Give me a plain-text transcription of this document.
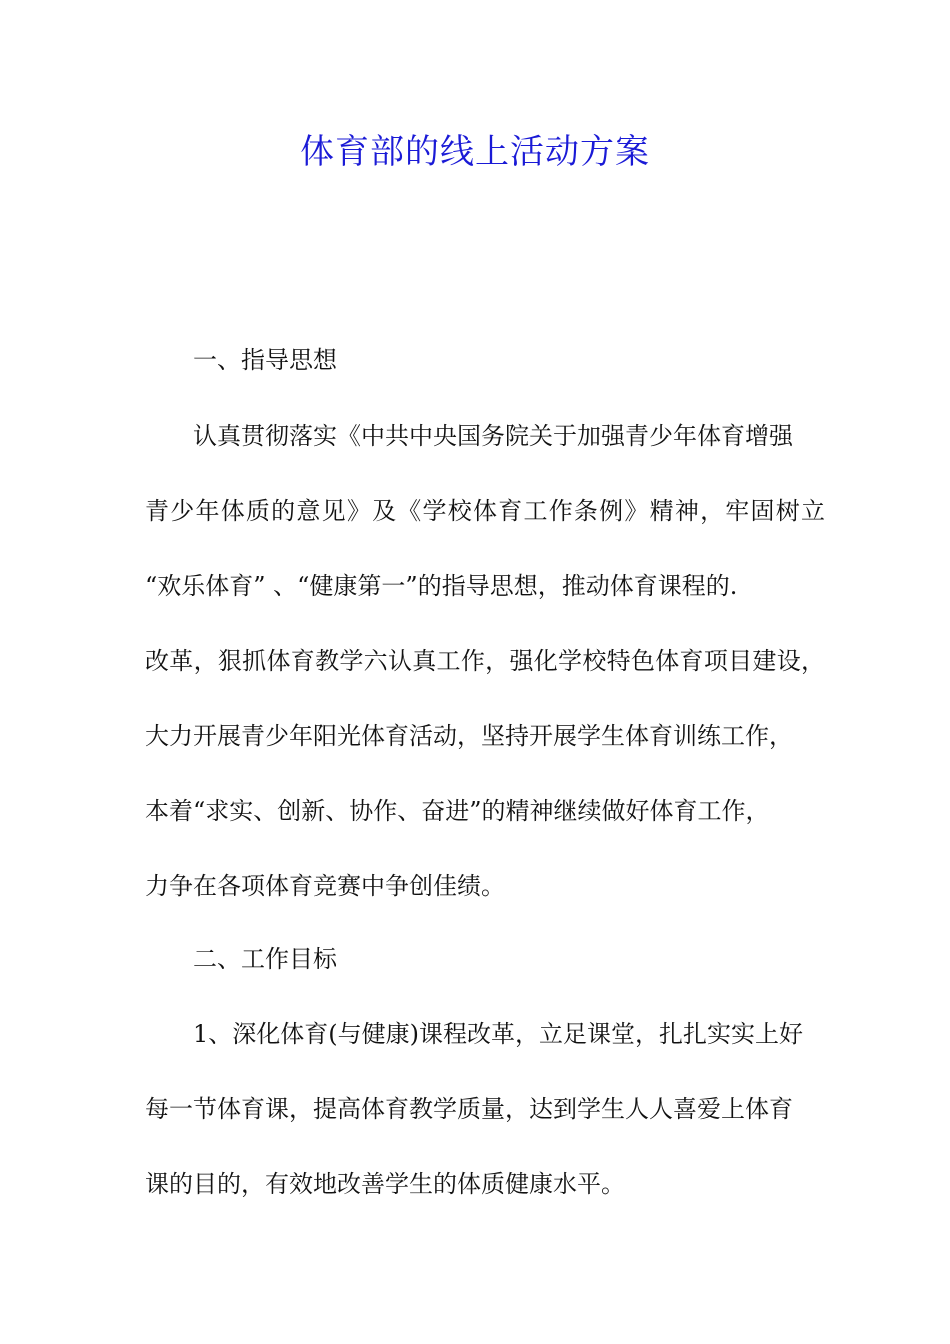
体育部的线上活动方案
一、指导思想
认真贯彻落实《中共中央国务院关于加强青少年体育增强
青少年体质的意见》及《学校体育工作条例》精神，牢固树立
“欢乐体育” 、“健康第一”的指导思想，推动体育课程的.
改革，狠抓体育教学六认真工作，强化学校特色体育项目建设，
大力开展青少年阳光体育活动，坚持开展学生体育训练工作，
本着“求实、创新、协作、奋进”的精神继续做好体育工作，
力争在各项体育竞赛中争创佳绩。
二、工作目标
1、深化体育(与健康)课程改革，立足课堂，扎扎实实上好
每一节体育课，提高体育教学质量，达到学生人人喜爱上体育
课的目的，有效地改善学生的体质健康水平。
